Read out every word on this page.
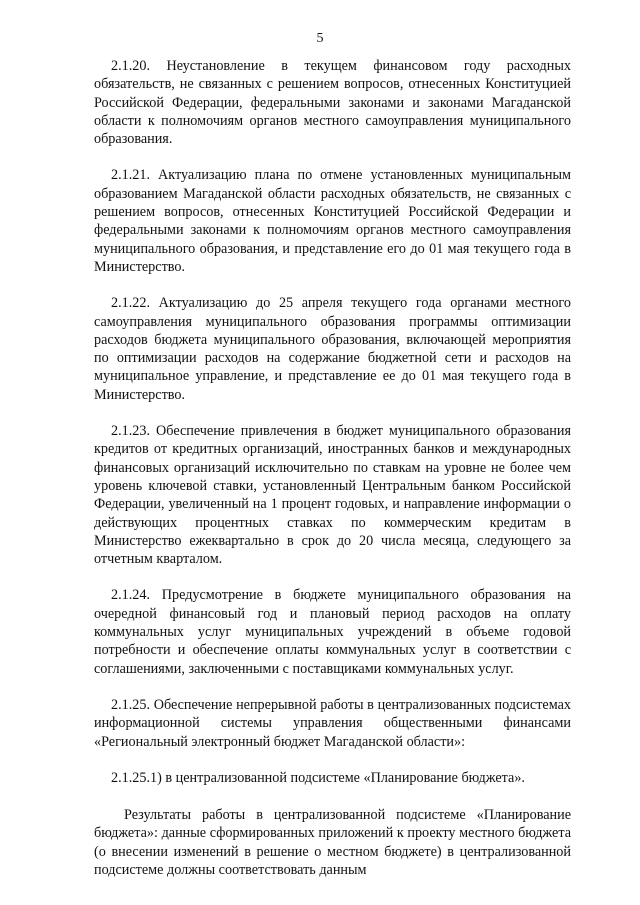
5

2.1.20. Неустановление в текущем финансовом году расходных обязательств, не связанных с решением вопросов, отнесенных Конституцией Российской Федерации, федеральными законами и законами Магаданской области к полномочиям органов местного самоуправления муниципального образования.

2.1.21. Актуализацию плана по отмене установленных муниципальным образованием Магаданской области расходных обязательств, не связанных с решением вопросов, отнесенных Конституцией Российской Федерации и федеральными законами к полномочиям органов местного самоуправления муниципального образования, и представление его до 01 мая текущего года в Министерство.

2.1.22. Актуализацию до 25 апреля текущего года органами местного самоуправления муниципального образования программы оптимизации расходов бюджета муниципального образования, включающей мероприятия по оптимизации расходов на содержание бюджетной сети и расходов на муниципальное управление, и представление ее до 01 мая текущего года в Министерство.

2.1.23. Обеспечение привлечения в бюджет муниципального образования кредитов от кредитных организаций, иностранных банков и международных финансовых организаций исключительно по ставкам на уровне не более чем уровень ключевой ставки, установленный Центральным банком Российской Федерации, увеличенный на 1 процент годовых, и направление информации о действующих процентных ставках по коммерческим кредитам в Министерство ежеквартально в срок до 20 числа месяца, следующего за отчетным кварталом.

2.1.24. Предусмотрение в бюджете муниципального образования на очередной финансовый год и плановый период расходов на оплату коммунальных услуг муниципальных учреждений в объеме годовой потребности и обеспечение оплаты коммунальных услуг в соответствии с соглашениями, заключенными с поставщиками коммунальных услуг.

2.1.25. Обеспечение непрерывной работы в централизованных подсистемах информационной системы управления общественными финансами «Региональный электронный бюджет Магаданской области»:

2.1.25.1) в централизованной подсистеме «Планирование бюджета».

Результаты работы в централизованной подсистеме «Планирование бюджета»: данные сформированных приложений к проекту местного бюджета (о внесении изменений в решение о местном бюджете) в централизованной подсистеме должны соответствовать данным
